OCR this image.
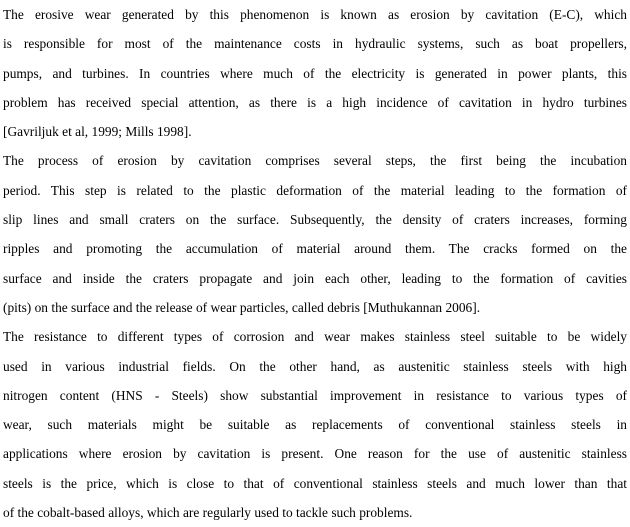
The erosive wear generated by this phenomenon is known as erosion by cavitation (E-C), which
is responsible for most of the maintenance costs in hydraulic systems, such as boat propellers,
pumps, and turbines. In countries where much of the electricity is generated in power plants, this
problem has received special attention, as there is a high incidence of cavitation in hydro turbines
[Gavriljuk et al, 1999; Mills 1998].
The process of erosion by cavitation comprises several steps, the first being the incubation
period. This step is related to the plastic deformation of the material leading to the formation of
slip lines and small craters on the surface. Subsequently, the density of craters increases, forming
ripples and promoting the accumulation of material around them. The cracks formed on the
surface and inside the craters propagate and join each other, leading to the formation of cavities
(pits) on the surface and the release of wear particles, called debris [Muthukannan 2006].
The resistance to different types of corrosion and wear makes stainless steel suitable to be widely
used in various industrial fields. On the other hand, as austenitic stainless steels with high
nitrogen content (HNS - Steels) show substantial improvement in resistance to various types of
wear, such materials might be suitable as replacements of conventional stainless steels in
applications where erosion by cavitation is present. One reason for the use of austenitic stainless
steels is the price, which is close to that of conventional stainless steels and much lower than that
of the cobalt-based alloys, which are regularly used to tackle such problems.
